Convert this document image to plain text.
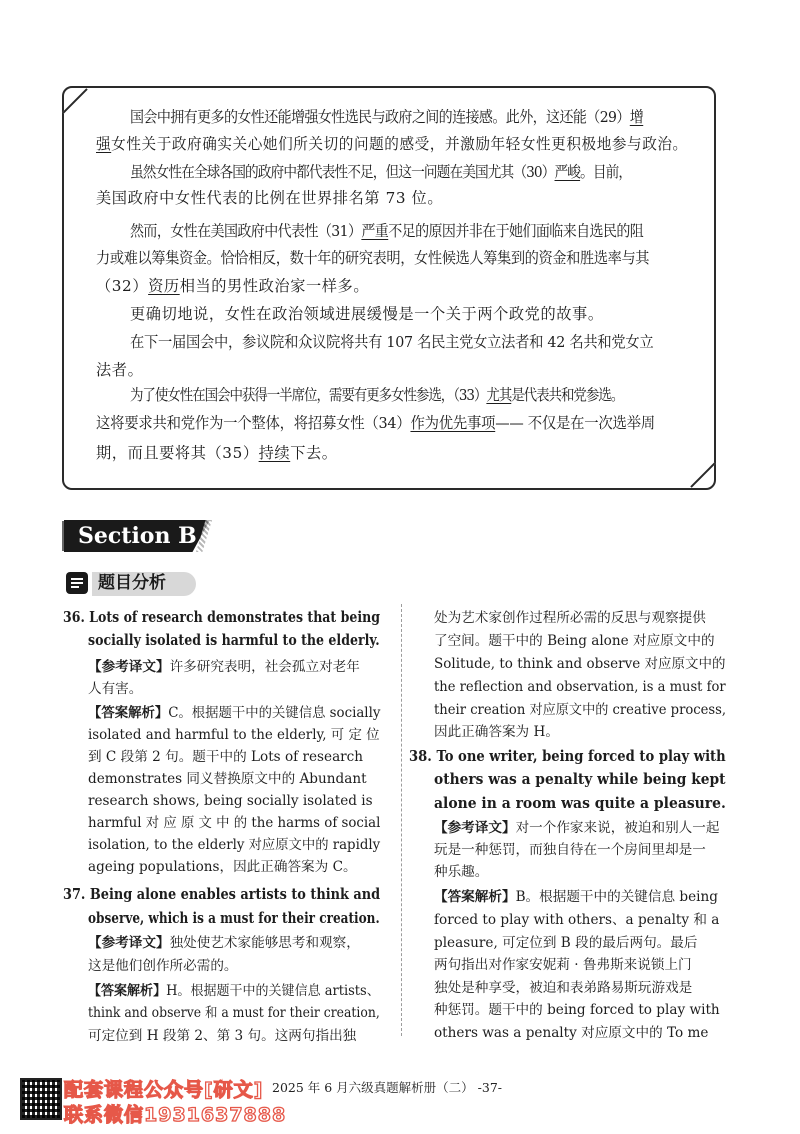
Section B
题目分析
2025 年 6 月六级真题解析册（二） -37-
配套课程公众号[研文]
联系微信1931637888
国会中拥有更多的女性还能增强女性选民与政府之间的连接感。此外，这还能（29）增
强女性关于政府确实关心她们所关切的问题的感受，并激励年轻女性更积极地参与政治。
虽然女性在全球各国的政府中都代表性不足，但这一问题在美国尤其（30）严峻。目前，
美国政府中女性代表的比例在世界排名第 73 位。
然而，女性在美国政府中代表性（31）严重不足的原因并非在于她们面临来自选民的阻
力或难以筹集资金。恰恰相反，数十年的研究表明，女性候选人筹集到的资金和胜选率与其
（32）资历相当的男性政治家一样多。
更确切地说，女性在政治领域进展缓慢是一个关于两个政党的故事。
在下一届国会中，参议院和众议院将共有 107 名民主党女立法者和 42 名共和党女立
法者。
为了使女性在国会中获得一半席位，需要有更多女性参选，（33）尤其是代表共和党参选。
这将要求共和党作为一个整体，将招募女性（34）作为优先事项—— 不仅是在一次选举周
期，而且要将其（35）持续下去。
36. Lots of research demonstrates that being
socially isolated is harmful to the elderly.
【参考译文】许多研究表明，社会孤立对老年
人有害。
【答案解析】C。根据题干中的关键信息 socially
isolated and harmful to the elderly, 可 定 位
到 C 段第 2 句。题干中的 Lots of research
demonstrates 同义替换原文中的 Abundant
research shows, being socially isolated is
harmful 对 应 原 文 中 的 the harms of social
isolation, to the elderly 对应原文中的 rapidly
ageing populations，因此正确答案为 C。
37. Being alone enables artists to think and
observe, which is a must for their creation.
【参考译文】独处使艺术家能够思考和观察，
这是他们创作所必需的。
【答案解析】H。根据题干中的关键信息 artists、
think and observe 和 a must for their creation,
可定位到 H 段第 2、第 3 句。这两句指出独
处为艺术家创作过程所必需的反思与观察提供
了空间。题干中的 Being alone 对应原文中的
Solitude, to think and observe 对应原文中的
the reflection and observation, is a must for
their creation 对应原文中的 creative process,
因此正确答案为 H。
38. To one writer, being forced to play with
others was a penalty while being kept
alone in a room was quite a pleasure.
【参考译文】对一个作家来说，被迫和别人一起
玩是一种惩罚，而独自待在一个房间里却是一
种乐趣。
【答案解析】B。根据题干中的关键信息 being
forced to play with others、a penalty 和 a
pleasure, 可定位到 B 段的最后两句。最后
两句指出对作家安妮莉 · 鲁弗斯来说锁上门
独处是种享受，被迫和表弟路易斯玩游戏是
种惩罚。题干中的 being forced to play with
others was a penalty 对应原文中的 To me
